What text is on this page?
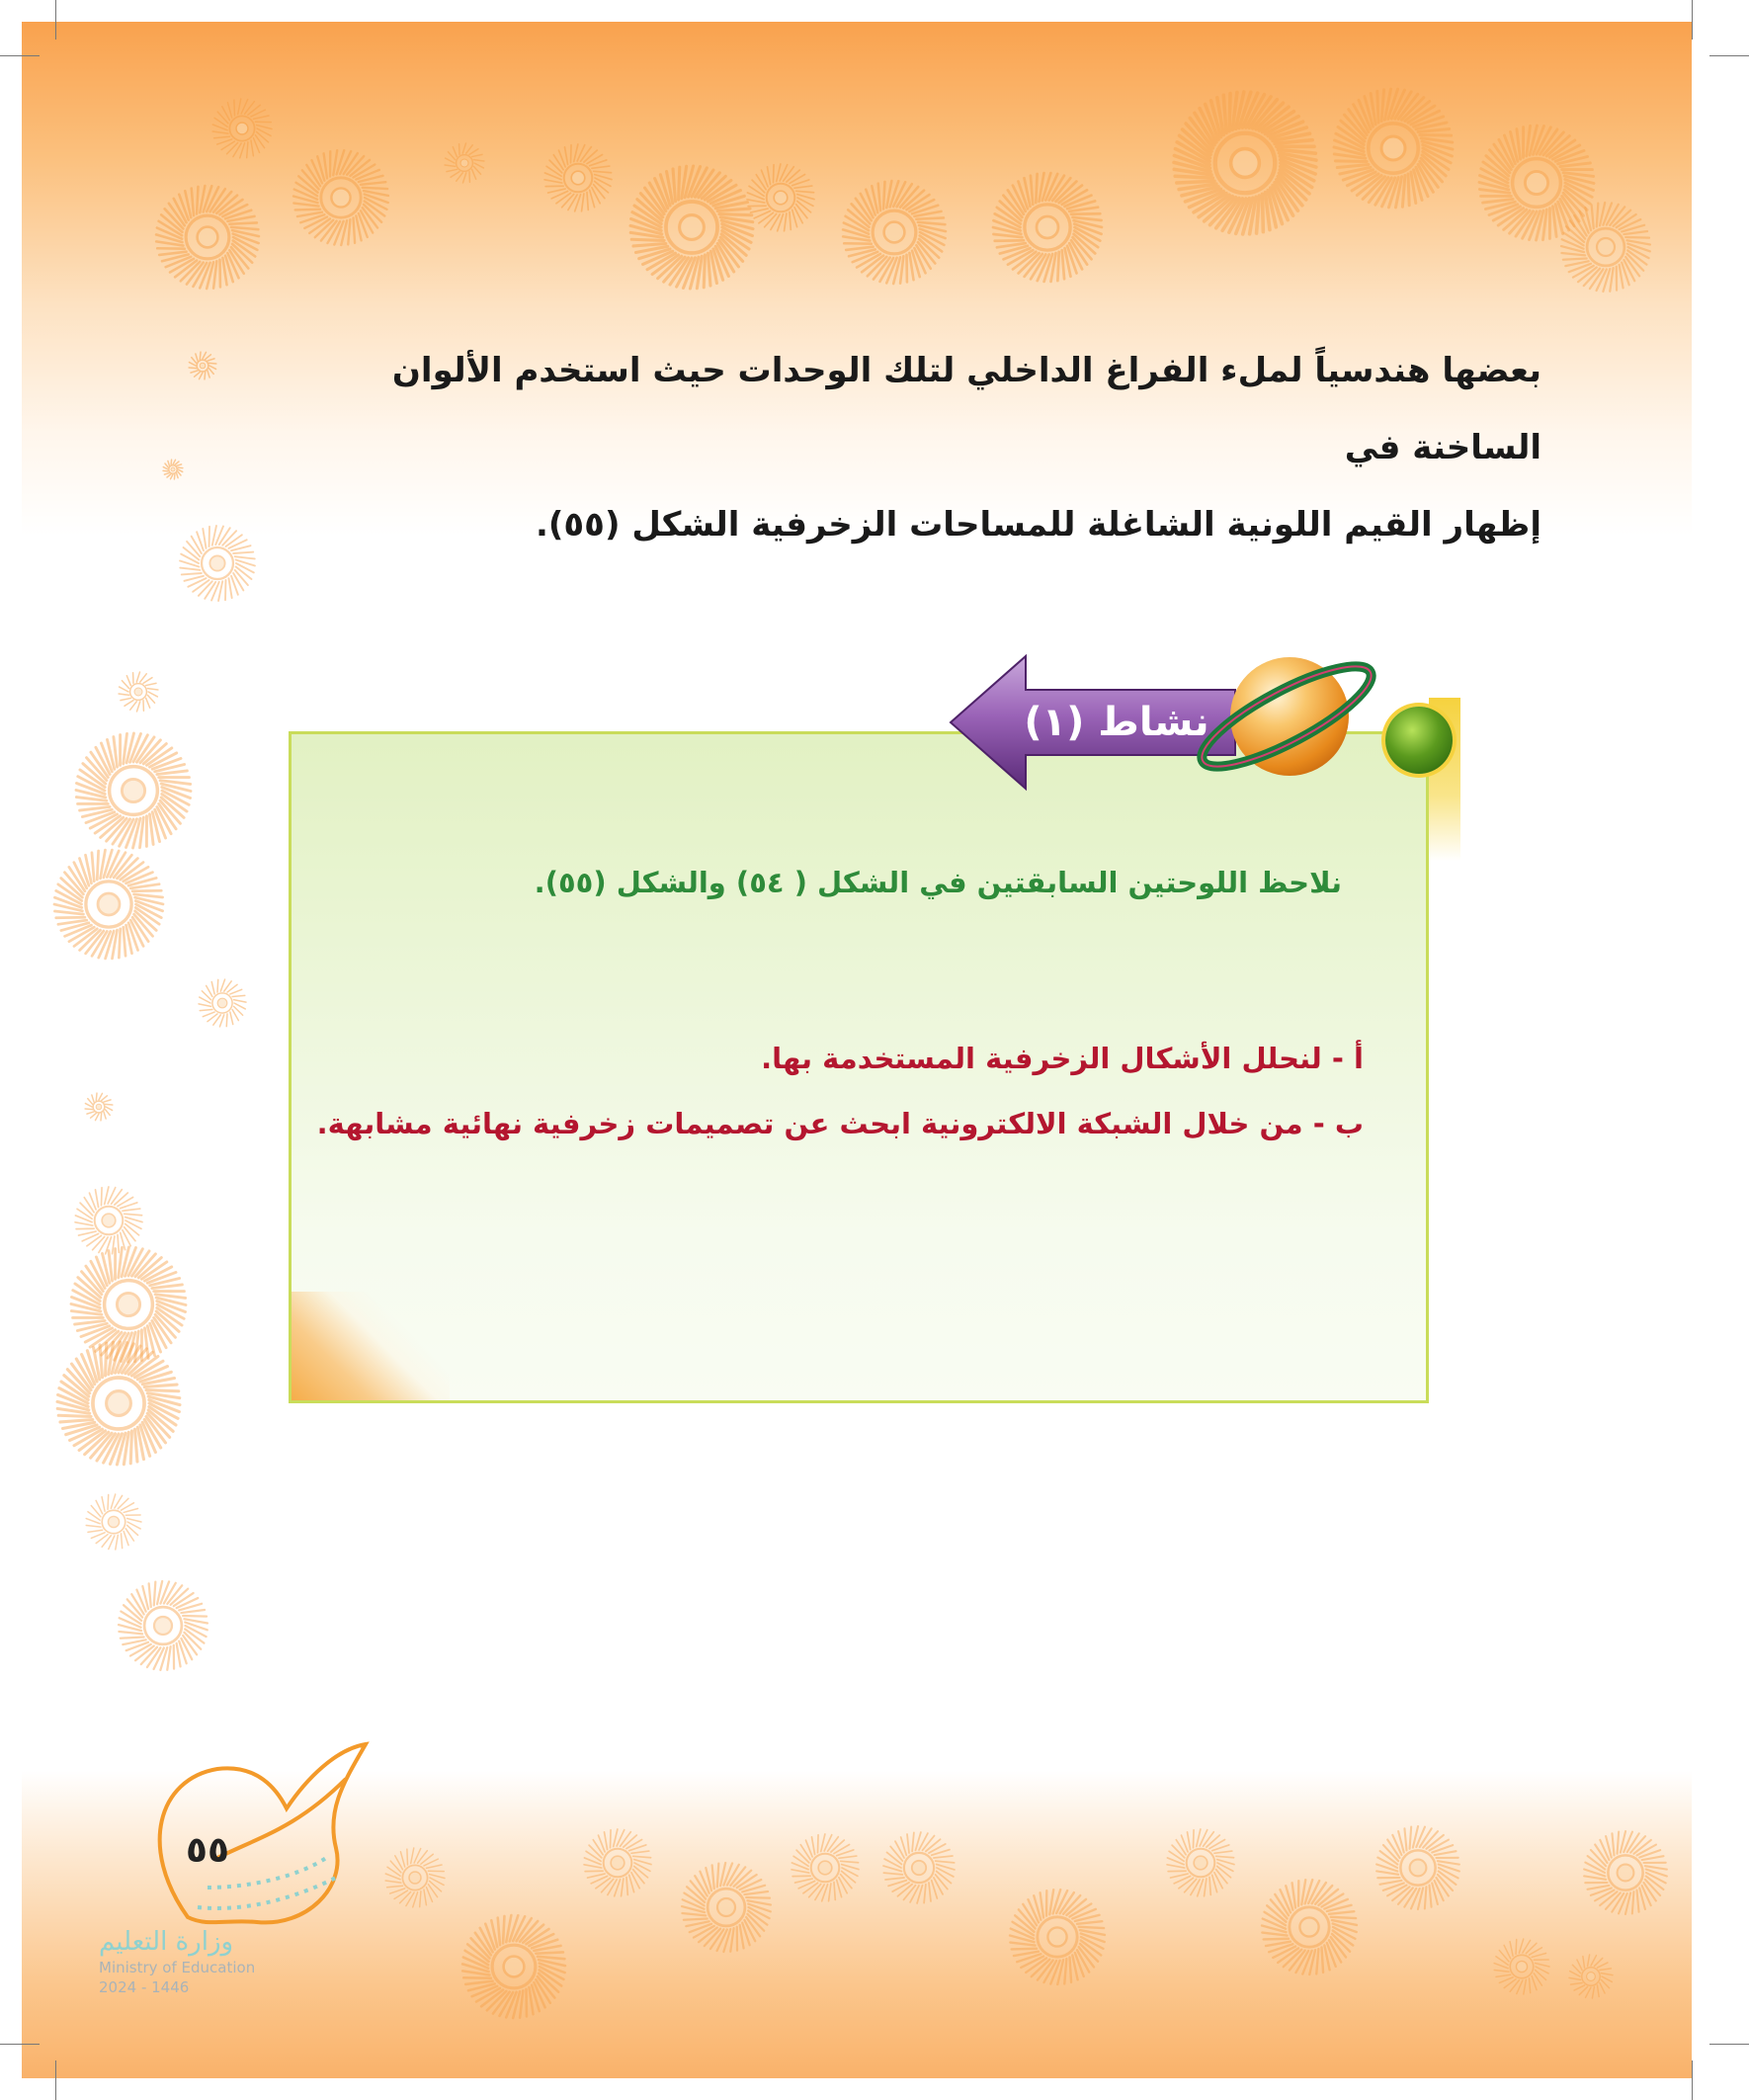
بعضها هندسياً لملء الفراغ الداخلي لتلك الوحدات حيث استخدم الألوان الساخنة في
إظهار القيم اللونية الشاغلة للمساحات الزخرفية الشكل (٥٥).

نشاط (١)

نلاحظ اللوحتين السابقتين في الشكل ( ٥٤) والشكل (٥٥).

أ - لنحلل الأشكال الزخرفية المستخدمة بها.

ب - من خلال الشبكة الالكترونية ابحث عن تصميمات زخرفية نهائية مشابهة.

٥٥
وزارة التعليم
Ministry of Education
2024 - 1446
